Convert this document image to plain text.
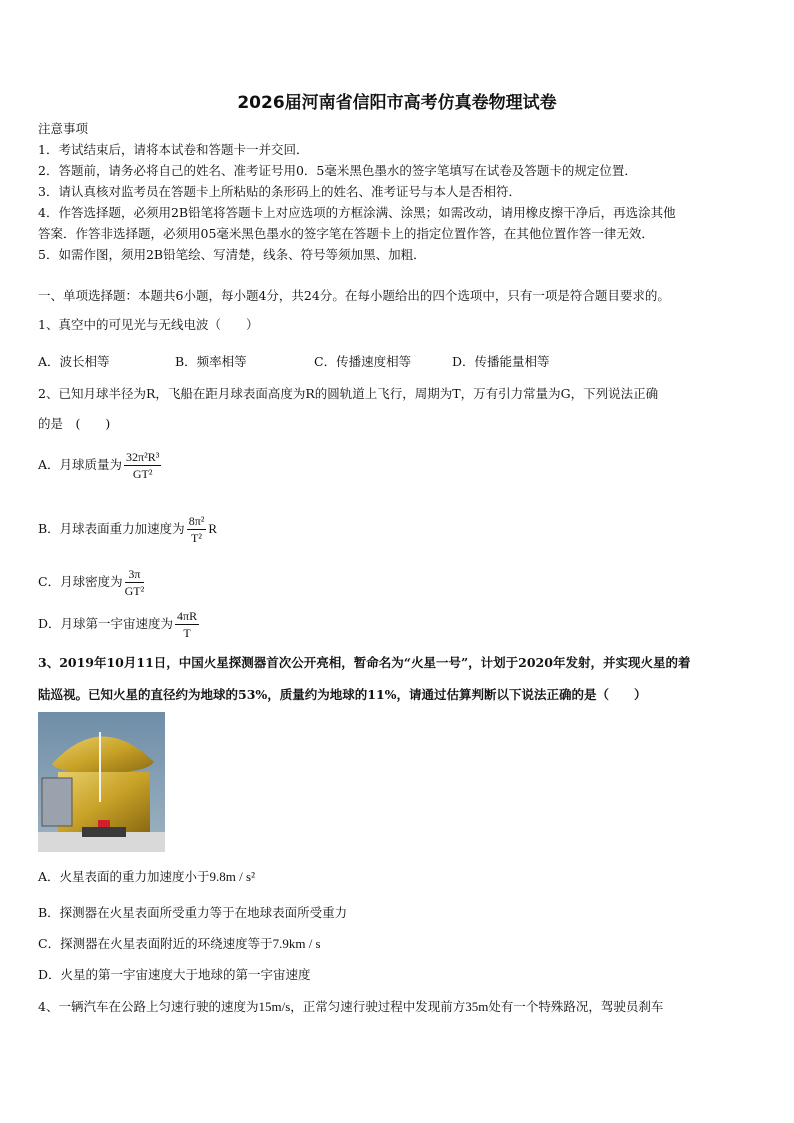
2026届河南省信阳市高考仿真卷物理试卷
注意事项
1．考试结束后，请将本试卷和答题卡一并交回．
2．答题前，请务必将自己的姓名、准考证号用0．5毫米黑色墨水的签字笔填写在试卷及答题卡的规定位置．
3．请认真核对监考员在答题卡上所粘贴的条形码上的姓名、准考证号与本人是否相符．
4．作答选择题，必须用2B铅笔将答题卡上对应选项的方框涂满、涂黑；如需改动，请用橡皮擦干净后，再选涂其他
答案．作答非选择题，必须用05毫米黑色墨水的签字笔在答题卡上的指定位置作答，在其他位置作答一律无效．
5．如需作图，须用2B铅笔绘、写清楚，线条、符号等须加黑、加粗．
一、单项选择题：本题共6小题，每小题4分，共24分。在每小题给出的四个选项中，只有一项是符合题目要求的。
1、真空中的可见光与无线电波（　　）
A．波长相等	B．频率相等	C．传播速度相等	D．传播能量相等
2、已知月球半径为R，飞船在距月球表面高度为R的圆轨道上飞行，周期为T，万有引力常量为G，下列说法正确
的是　(　　)
A．月球质量为 $\frac{\text{32π²R³}}{\text{GT²}}$
B．月球表面重力加速度为 $\frac{\text{8π²}}{\text{T²}}$ R
C．月球密度为 $\frac{3\pi}{\text{GT²}}$
D．月球第一宇宙速度为 $\frac{4\pi R}{T}$
3、2019年10月11日，中国火星探测器首次公开亮相，暂命名为“火星一号”，计划于2020年发射，并实现火星的着
陆巡视。已知火星的直径约为地球的53%，质量约为地球的11%，请通过估算判断以下说法正确的是（　　）
A．火星表面的重力加速度小于9.8m / s²
B．探测器在火星表面所受重力等于在地球表面所受重力
C．探测器在火星表面附近的环绕速度等于7.9km / s
D．火星的第一宇宙速度大于地球的第一宇宙速度
4、一辆汽车在公路上匀速行驶的速度为15m/s，正常匀速行驶过程中发现前方35m处有一个特殊路况，驾驶员刹车
